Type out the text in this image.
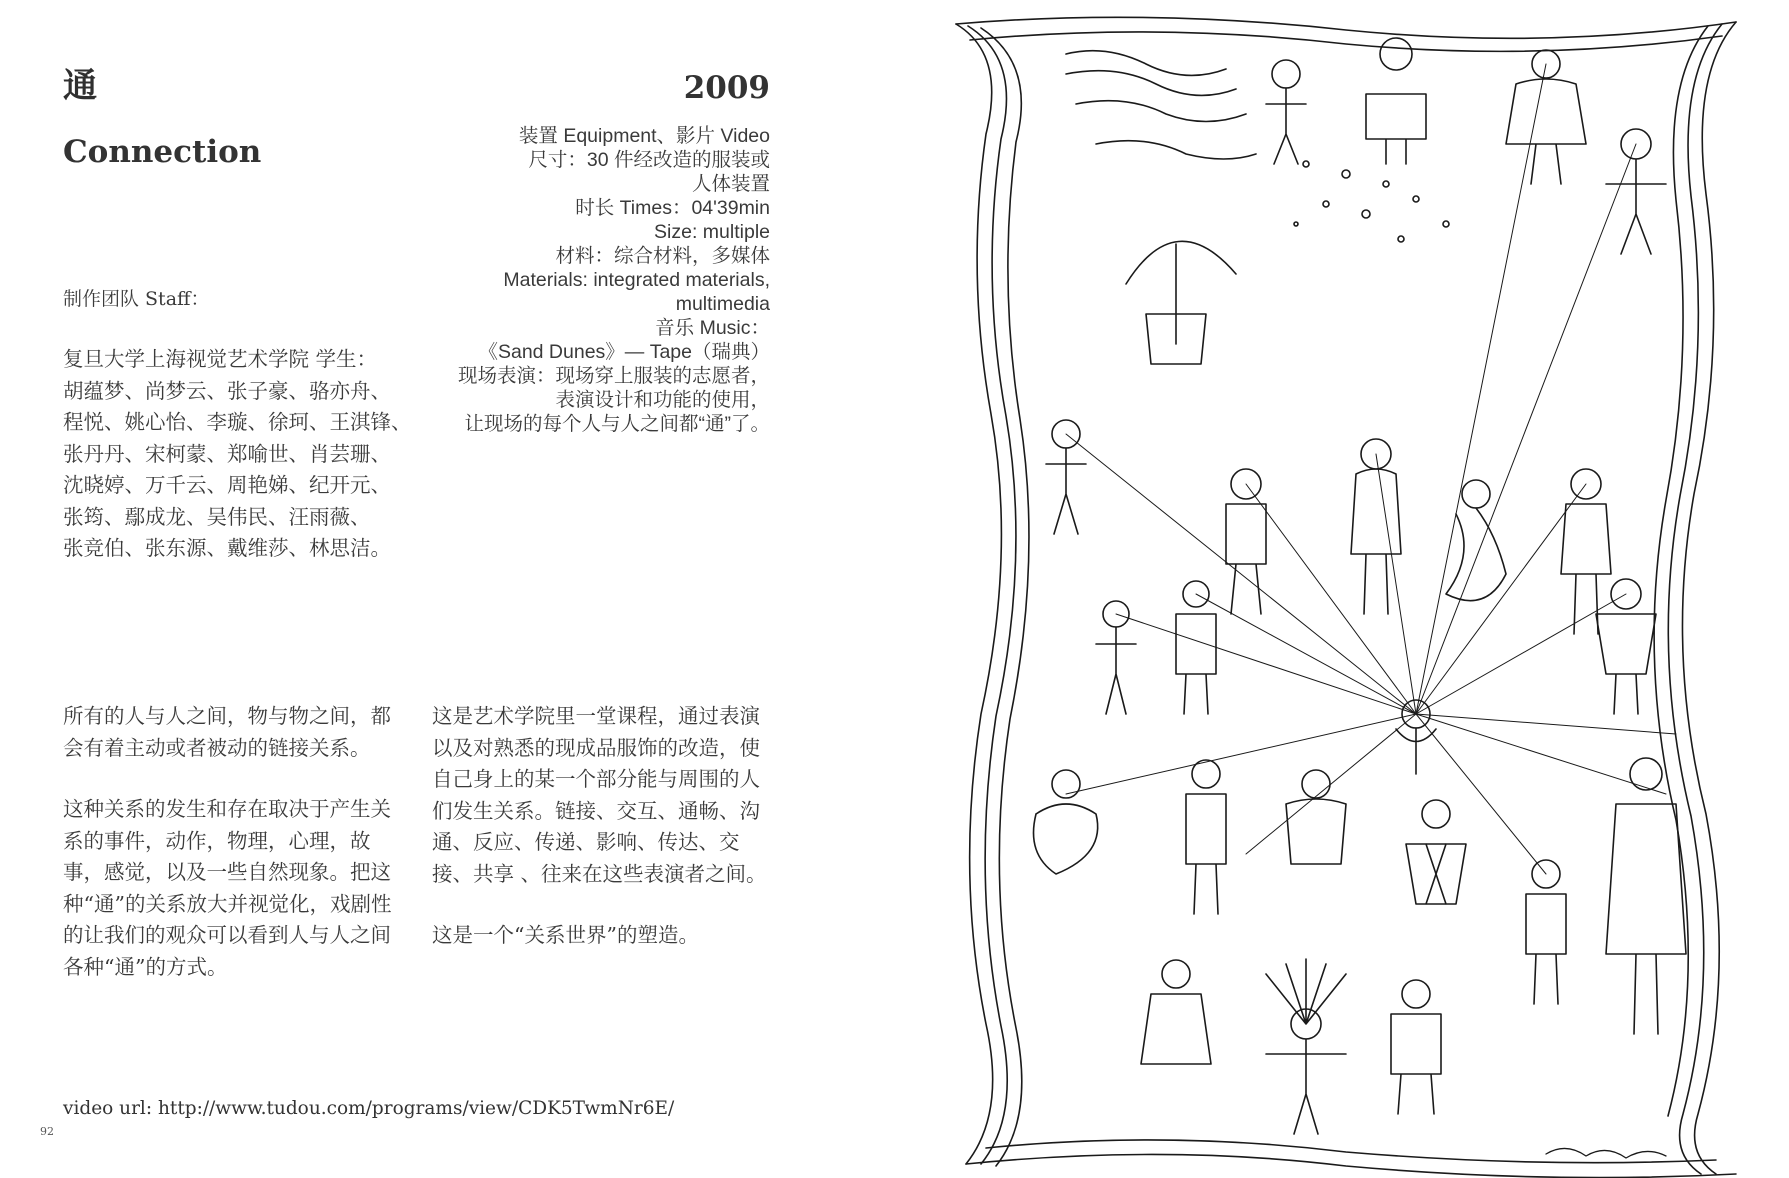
通
Connection
2009
装置 Equipment、影片 Video
尺寸：30 件经改造的服装或
人体装置
时长 Times：04'39min
Size: multiple
材料：综合材料，多媒体
Materials: integrated materials,
multimedia
音乐 Music：
《Sand Dunes》— Tape（瑞典）
现场表演：现场穿上服装的志愿者，
表演设计和功能的使用，
让现场的每个人与人之间都“通”了。
制作团队 Staff：
复旦大学上海视觉艺术学院 学生：
胡蕴梦、尚梦云、张子豪、骆亦舟、
程悦、姚心怡、李璇、徐珂、王淇锋、
张丹丹、宋柯蒙、郑喻世、肖芸珊、
沈晓婷、万千云、周艳娣、纪开元、
张筠、鄢成龙、吴伟民、汪雨薇、
张竞伯、张东源、戴维莎、林思洁。

所有的人与人之间，物与物之间，都会有着主动或者被动的链接关系。

这种关系的发生和存在取决于产生关系的事件，动作，物理，心理，故事，感觉，以及一些自然现象。把这种“通”的关系放大并视觉化，戏剧性的让我们的观众可以看到人与人之间各种“通”的方式。

这是艺术学院里一堂课程，通过表演以及对熟悉的现成品服饰的改造，使自己身上的某一个部分能与周围的人们发生关系。链接、交互、通畅、沟通、反应、传递、影响、传达、交接、共享 、往来在这些表演者之间。

这是一个“关系世界”的塑造。

video url: http://www.tudou.com/programs/view/CDK5TwmNr6E/
92
